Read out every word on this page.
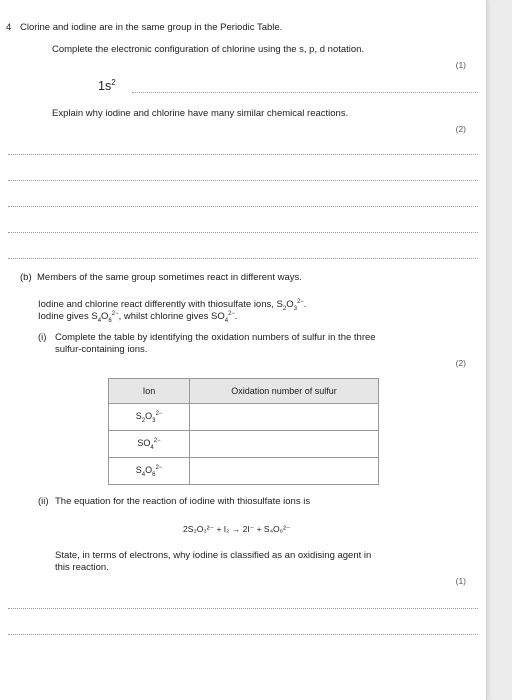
4 Clorine and iodine are in the same group in the Periodic Table.
Complete the electronic configuration of chlorine using the s, p, d notation.
(1)
$1s^2$
Explain why iodine and chlorine have many similar chemical reactions.
(2)
(b) Members of the same group sometimes react in different ways.
Iodine and chlorine react differently with thiosulfate ions, $S_2O_3^{2-}$.
Iodine gives $S_4O_6^{2-}$, whilst chlorine gives $SO_4^{2-}$.
(i) Complete the table by identifying the oxidation numbers of sulfur in the three
sulfur-containing ions.
(2)
Ion	Oxidation number of sulfur
$S_2O_3^{2-}$	
$SO_4^{2-}$	
$S_4O_6^{2-}$	
(ii) The equation for the reaction of iodine with thiosulfate ions is
2S₂O₃²⁻ + I₂ → 2I⁻ + S₄O₆²⁻
State, in terms of electrons, why iodine is classified as an oxidising agent in
this reaction.
(1)
